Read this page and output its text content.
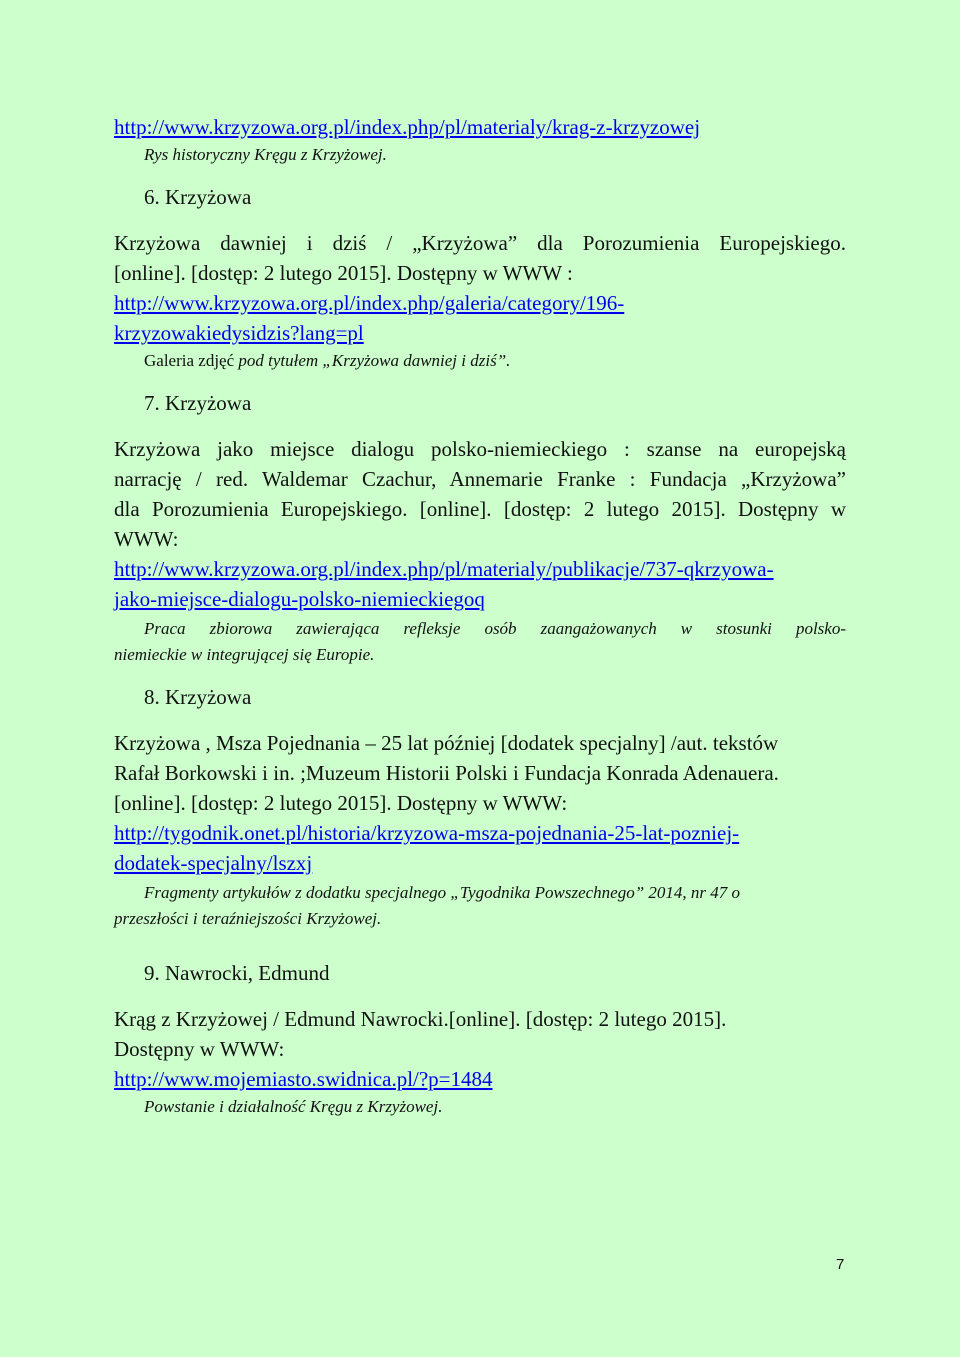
http://www.krzyzowa.org.pl/index.php/pl/materialy/krag-z-krzyzowej

Rys historyczny Kręgu z Krzyżowej.

6. Krzyżowa

Krzyżowa dawniej i dziś / „Krzyżowa” dla Porozumienia Europejskiego.

[online]. [dostęp: 2 lutego 2015]. Dostępny w WWW :

http://www.krzyzowa.org.pl/index.php/galeria/category/196-

krzyzowakiedysidzis?lang=pl

Galeria zdjęć pod tytułem „Krzyżowa dawniej i dziś”.

7. Krzyżowa

Krzyżowa jako miejsce dialogu polsko-niemieckiego : szanse na europejską

narrację / red. Waldemar Czachur, Annemarie Franke : Fundacja „Krzyżowa”

dla Porozumienia Europejskiego. [online]. [dostęp: 2 lutego 2015]. Dostępny w

WWW:

http://www.krzyzowa.org.pl/index.php/pl/materialy/publikacje/737-qkrzyowa-

jako-miejsce-dialogu-polsko-niemieckiegoq

Praca zbiorowa zawierająca refleksje osób zaangażowanych w stosunki polsko-

niemieckie w integrującej się Europie.

8. Krzyżowa

Krzyżowa , Msza Pojednania – 25 lat później [dodatek specjalny] /aut. tekstów

Rafał Borkowski i in. ;Muzeum Historii Polski i Fundacja Konrada Adenauera.

[online]. [dostęp: 2 lutego 2015]. Dostępny w WWW:

http://tygodnik.onet.pl/historia/krzyzowa-msza-pojednania-25-lat-pozniej-

dodatek-specjalny/lszxj

Fragmenty artykułów z dodatku specjalnego „Tygodnika Powszechnego” 2014, nr 47 o

przeszłości i teraźniejszości Krzyżowej.

9. Nawrocki, Edmund

Krąg z Krzyżowej / Edmund Nawrocki.[online]. [dostęp: 2 lutego 2015].

Dostępny w WWW:

http://www.mojemiasto.swidnica.pl/?p=1484

Powstanie i działalność Kręgu z Krzyżowej.

7
